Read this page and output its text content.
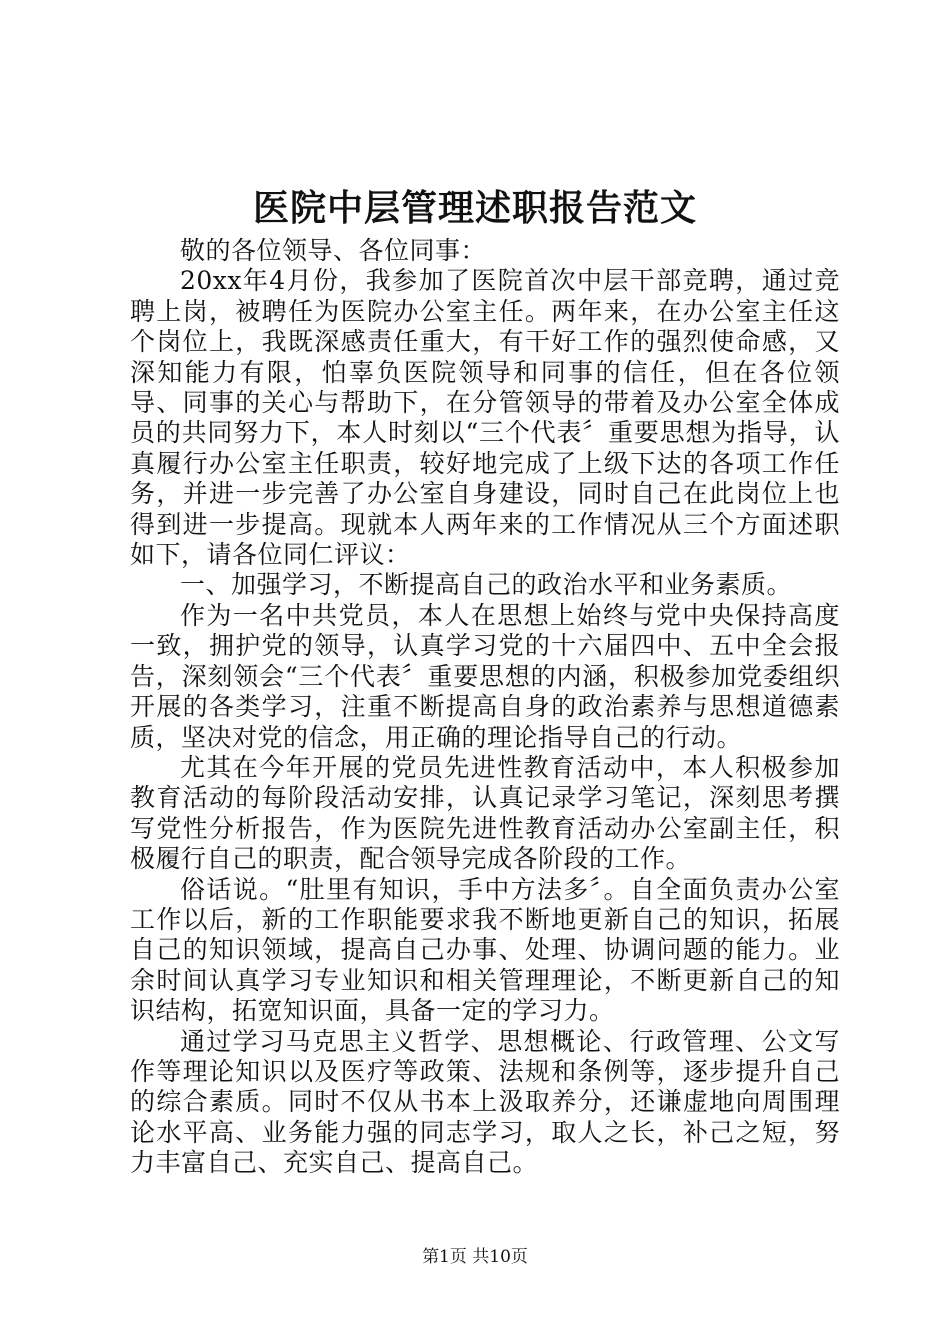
医院中层管理述职报告范文

敬的各位领导、各位同事：

20xx年4月份，我参加了医院首次中层干部竞聘，通过竞聘上岗，被聘任为医院办公室主任。两年来，在办公室主任这个岗位上，我既深感责任重大，有干好工作的强烈使命感，又深知能力有限，怕辜负医院领导和同事的信任，但在各位领导、同事的关心与帮助下，在分管领导的带着及办公室全体成员的共同努力下，本人时刻以“三个代表〞重要思想为指导，认真履行办公室主任职责，较好地完成了上级下达的各项工作任务，并进一步完善了办公室自身建设，同时自己在此岗位上也得到进一步提高。现就本人两年来的工作情况从三个方面述职如下，请各位同仁评议：

一、加强学习，不断提高自己的政治水平和业务素质。

作为一名中共党员，本人在思想上始终与党中央保持高度一致，拥护党的领导，认真学习党的十六届四中、五中全会报告，深刻领会“三个代表〞重要思想的内涵，积极参加党委组织开展的各类学习，注重不断提高自身的政治素养与思想道德素质，坚决对党的信念，用正确的理论指导自己的行动。

尤其在今年开展的党员先进性教育活动中，本人积极参加教育活动的每阶段活动安排，认真记录学习笔记，深刻思考撰写党性分析报告，作为医院先进性教育活动办公室副主任，积极履行自己的职责，配合领导完成各阶段的工作。

俗话说。“肚里有知识，手中方法多〞。自全面负责办公室工作以后，新的工作职能要求我不断地更新自己的知识，拓展自己的知识领域，提高自己办事、处理、协调问题的能力。业余时间认真学习专业知识和相关管理理论，不断更新自己的知识结构，拓宽知识面，具备一定的学习力。

通过学习马克思主义哲学、思想概论、行政管理、公文写作等理论知识以及医疗等政策、法规和条例等，逐步提升自己的综合素质。同时不仅从书本上汲取养分，还谦虚地向周围理论水平高、业务能力强的同志学习，取人之长，补己之短，努力丰富自己、充实自己、提高自己。

第1页 共10页
